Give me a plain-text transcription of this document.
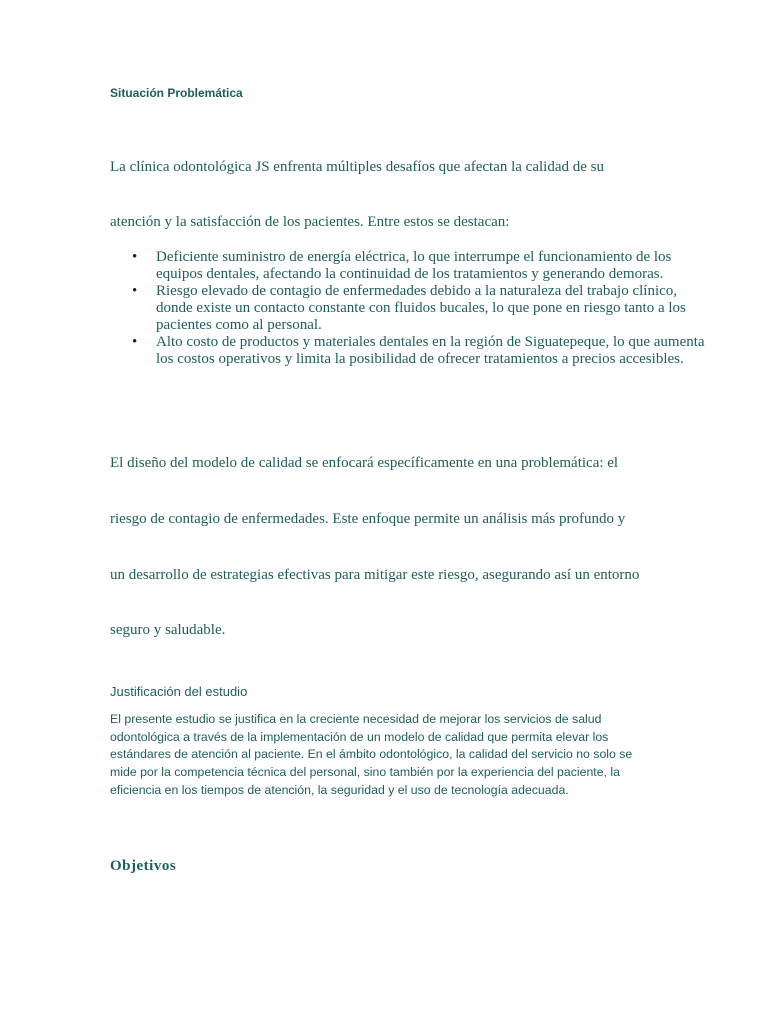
Situación Problemática
La clínica odontológica JS enfrenta múltiples desafíos que afectan la calidad de su
atención y la satisfacción de los pacientes. Entre estos se destacan:
• Deficiente suministro de energía eléctrica, lo que interrumpe el funcionamiento de los equipos dentales, afectando la continuidad de los tratamientos y generando demoras.
• Riesgo elevado de contagio de enfermedades debido a la naturaleza del trabajo clínico, donde existe un contacto constante con fluidos bucales, lo que pone en riesgo tanto a los pacientes como al personal.
• Alto costo de productos y materiales dentales en la región de Siguatepeque, lo que aumenta los costos operativos y limita la posibilidad de ofrecer tratamientos a precios accesibles.
El diseño del modelo de calidad se enfocará específicamente en una problemática: el
riesgo de contagio de enfermedades. Este enfoque permite un análisis más profundo y
un desarrollo de estrategias efectivas para mitigar este riesgo, asegurando así un entorno
seguro y saludable.
Justificación del estudio
El presente estudio se justifica en la creciente necesidad de mejorar los servicios de salud odontológica a través de la implementación de un modelo de calidad que permita elevar los estándares de atención al paciente. En el ámbito odontológico, la calidad del servicio no solo se mide por la competencia técnica del personal, sino también por la experiencia del paciente, la eficiencia en los tiempos de atención, la seguridad y el uso de tecnología adecuada.
Objetivos
